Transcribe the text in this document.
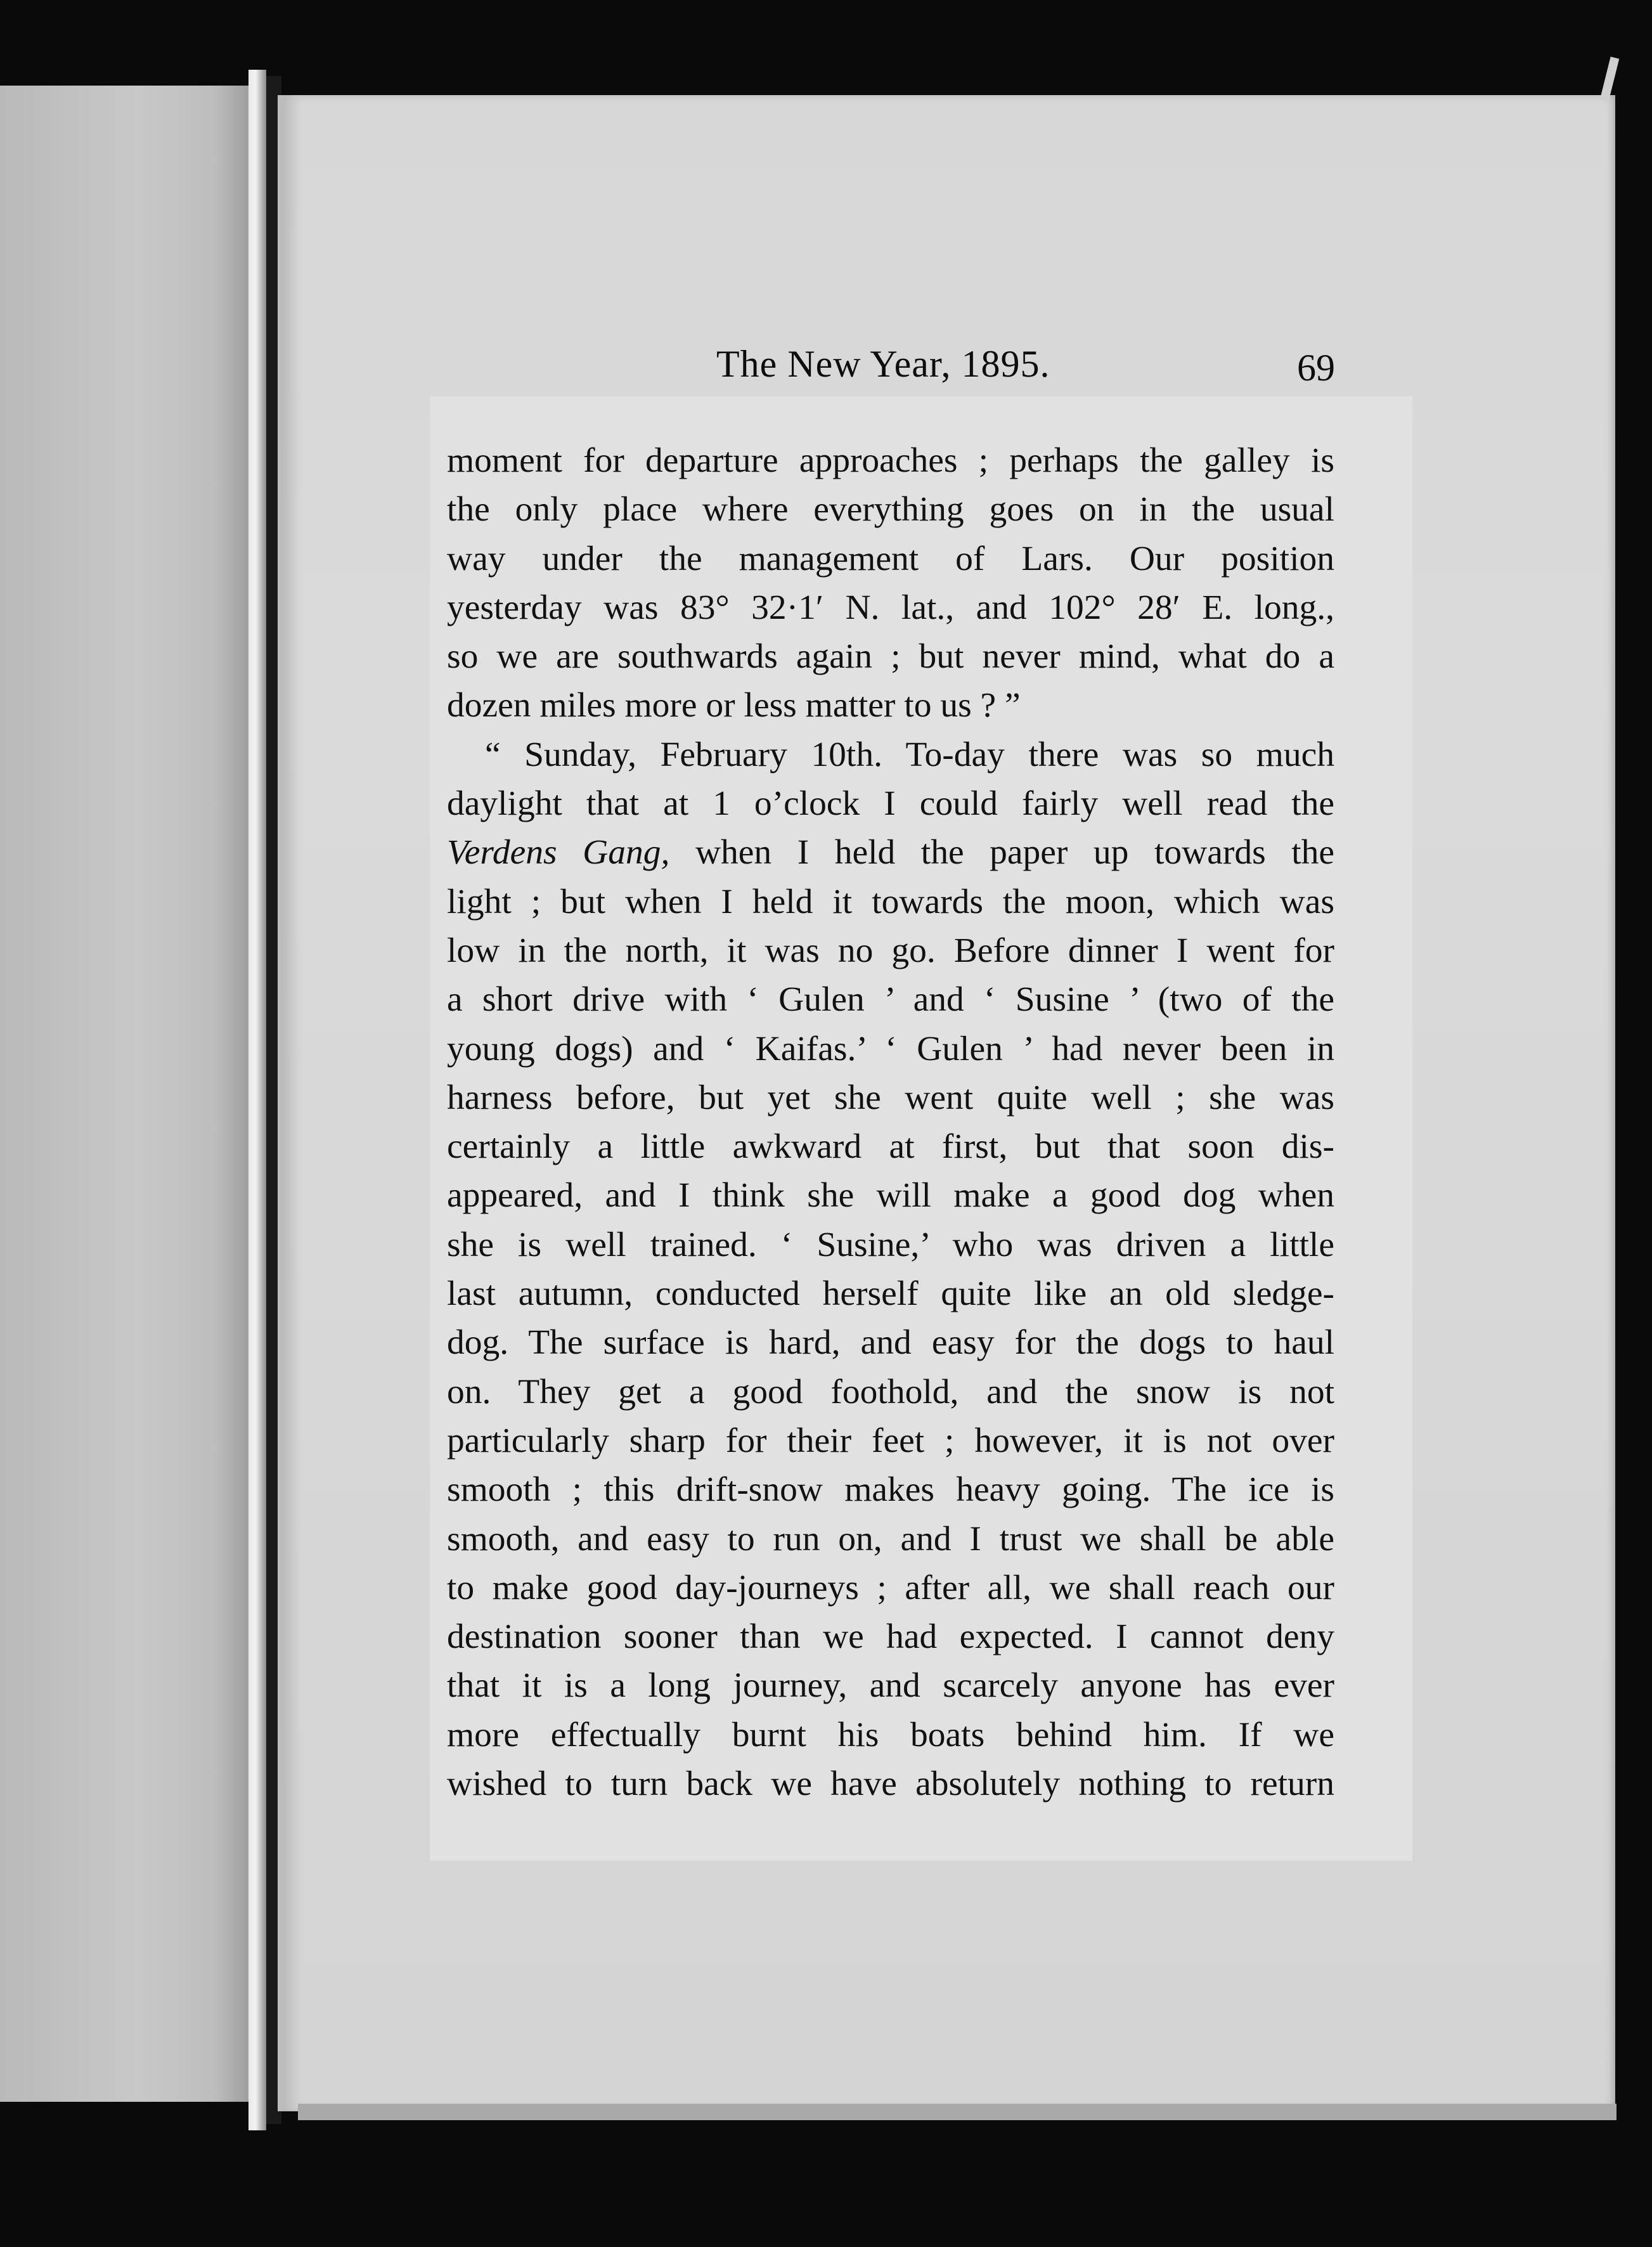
The New Year, 1895.	69
moment for departure approaches ; perhaps the galley is
the only place where everything goes on in the usual
way under the management of Lars. Our position
yesterday was 83° 32·1′ N. lat., and 102° 28′ E. long.,
so we are southwards again ; but never mind, what do a
dozen miles more or less matter to us ? ”
“ Sunday, February 10th. To-day there was so much
daylight that at 1 o’clock I could fairly well read the
Verdens Gang, when I held the paper up towards the
light ; but when I held it towards the moon, which was
low in the north, it was no go. Before dinner I went for
a short drive with ‘ Gulen ’ and ‘ Susine ’ (two of the
young dogs) and ‘ Kaifas.’ ‘ Gulen ’ had never been in
harness before, but yet she went quite well ; she was
certainly a little awkward at first, but that soon dis-
appeared, and I think she will make a good dog when
she is well trained. ‘ Susine,’ who was driven a little
last autumn, conducted herself quite like an old sledge-
dog. The surface is hard, and easy for the dogs to haul
on. They get a good foothold, and the snow is not
particularly sharp for their feet ; however, it is not over
smooth ; this drift-snow makes heavy going. The ice is
smooth, and easy to run on, and I trust we shall be able
to make good day-journeys ; after all, we shall reach our
destination sooner than we had expected. I cannot deny
that it is a long journey, and scarcely anyone has ever
more effectually burnt his boats behind him. If we
wished to turn back we have absolutely nothing to return
